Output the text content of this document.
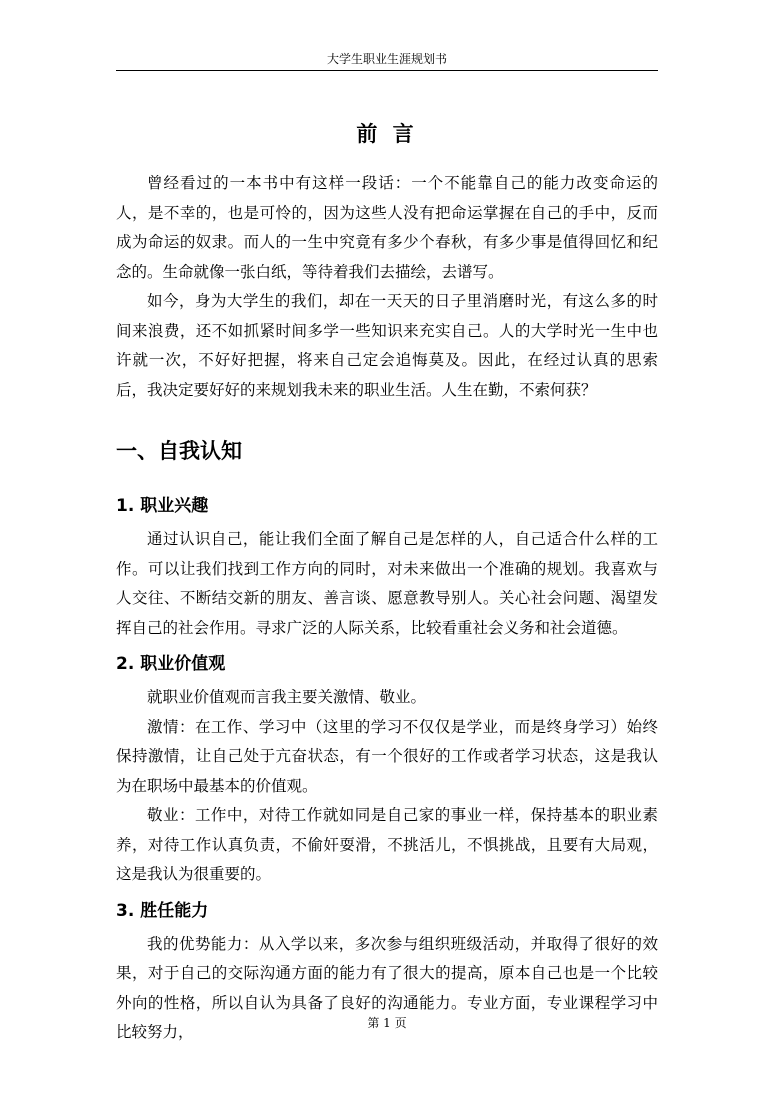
大学生职业生涯规划书
前 言

曾经看过的一本书中有这样一段话：一个不能靠自己的能力改变命运的人，是不幸的，也是可怜的，因为这些人没有把命运掌握在自己的手中，反而成为命运的奴隶。而人的一生中究竟有多少个春秋，有多少事是值得回忆和纪念的。生命就像一张白纸，等待着我们去描绘，去谱写。

如今，身为大学生的我们，却在一天天的日子里消磨时光，有这么多的时间来浪费，还不如抓紧时间多学一些知识来充实自己。人的大学时光一生中也许就一次，不好好把握，将来自己定会追悔莫及。因此，在经过认真的思索后，我决定要好好的来规划我未来的职业生活。人生在勤，不索何获？

一、自我认知
1. 职业兴趣

通过认识自己，能让我们全面了解自己是怎样的人，自己适合什么样的工作。可以让我们找到工作方向的同时，对未来做出一个准确的规划。我喜欢与人交往、不断结交新的朋友、善言谈、愿意教导别人。关心社会问题、渴望发挥自己的社会作用。寻求广泛的人际关系，比较看重社会义务和社会道德。

2. 职业价值观

就职业价值观而言我主要关激情、敬业。

激情：在工作、学习中（这里的学习不仅仅是学业，而是终身学习）始终保持激情，让自己处于亢奋状态，有一个很好的工作或者学习状态，这是我认为在职场中最基本的价值观。

敬业：工作中，对待工作就如同是自己家的事业一样，保持基本的职业素养，对待工作认真负责，不偷奸耍滑，不挑活儿，不惧挑战，且要有大局观，这是我认为很重要的。

3. 胜任能力

我的优势能力：从入学以来，多次参与组织班级活动，并取得了很好的效果，对于自己的交际沟通方面的能力有了很大的提高，原本自己也是一个比较外向的性格，所以自认为具备了良好的沟通能力。专业方面，专业课程学习中比较努力，	第 1 页
